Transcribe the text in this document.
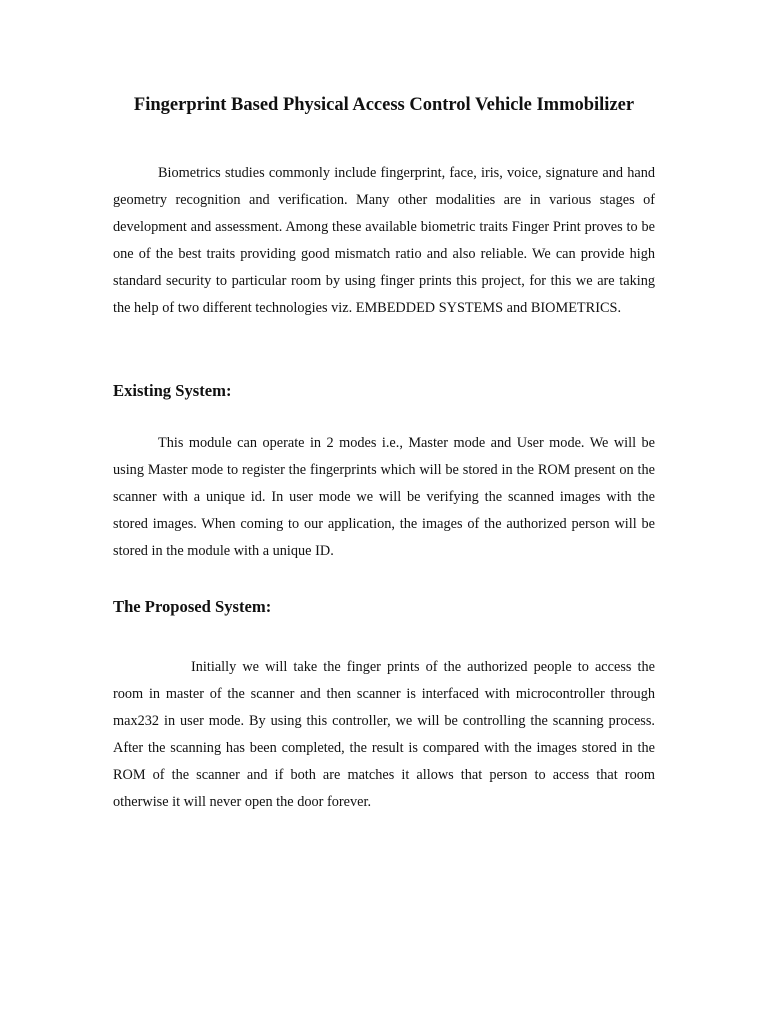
Fingerprint Based Physical Access Control Vehicle Immobilizer

Biometrics studies commonly include fingerprint, face, iris, voice, signature and hand geometry recognition and verification. Many other modalities are in various stages of development and assessment. Among these available biometric traits Finger Print proves to be one of the best traits providing good mismatch ratio and also reliable. We can provide high standard security to particular room by using finger prints this project, for this we are taking the help of two different technologies viz. EMBEDDED SYSTEMS and BIOMETRICS.

Existing System:

This module can operate in 2 modes i.e., Master mode and User mode. We will be using Master mode to register the fingerprints which will be stored in the ROM present on the scanner with a unique id. In user mode we will be verifying the scanned images with the stored images. When coming to our application, the images of the authorized person will be stored in the module with a unique ID.

The Proposed System:

Initially we will take the finger prints of the authorized people to access the room in master of the scanner and then scanner is interfaced with microcontroller through max232 in user mode. By using this controller, we will be controlling the scanning process. After the scanning has been completed, the result is compared with the images stored in the ROM of the scanner and if both are matches it allows that person to access that room otherwise it will never open the door forever.
